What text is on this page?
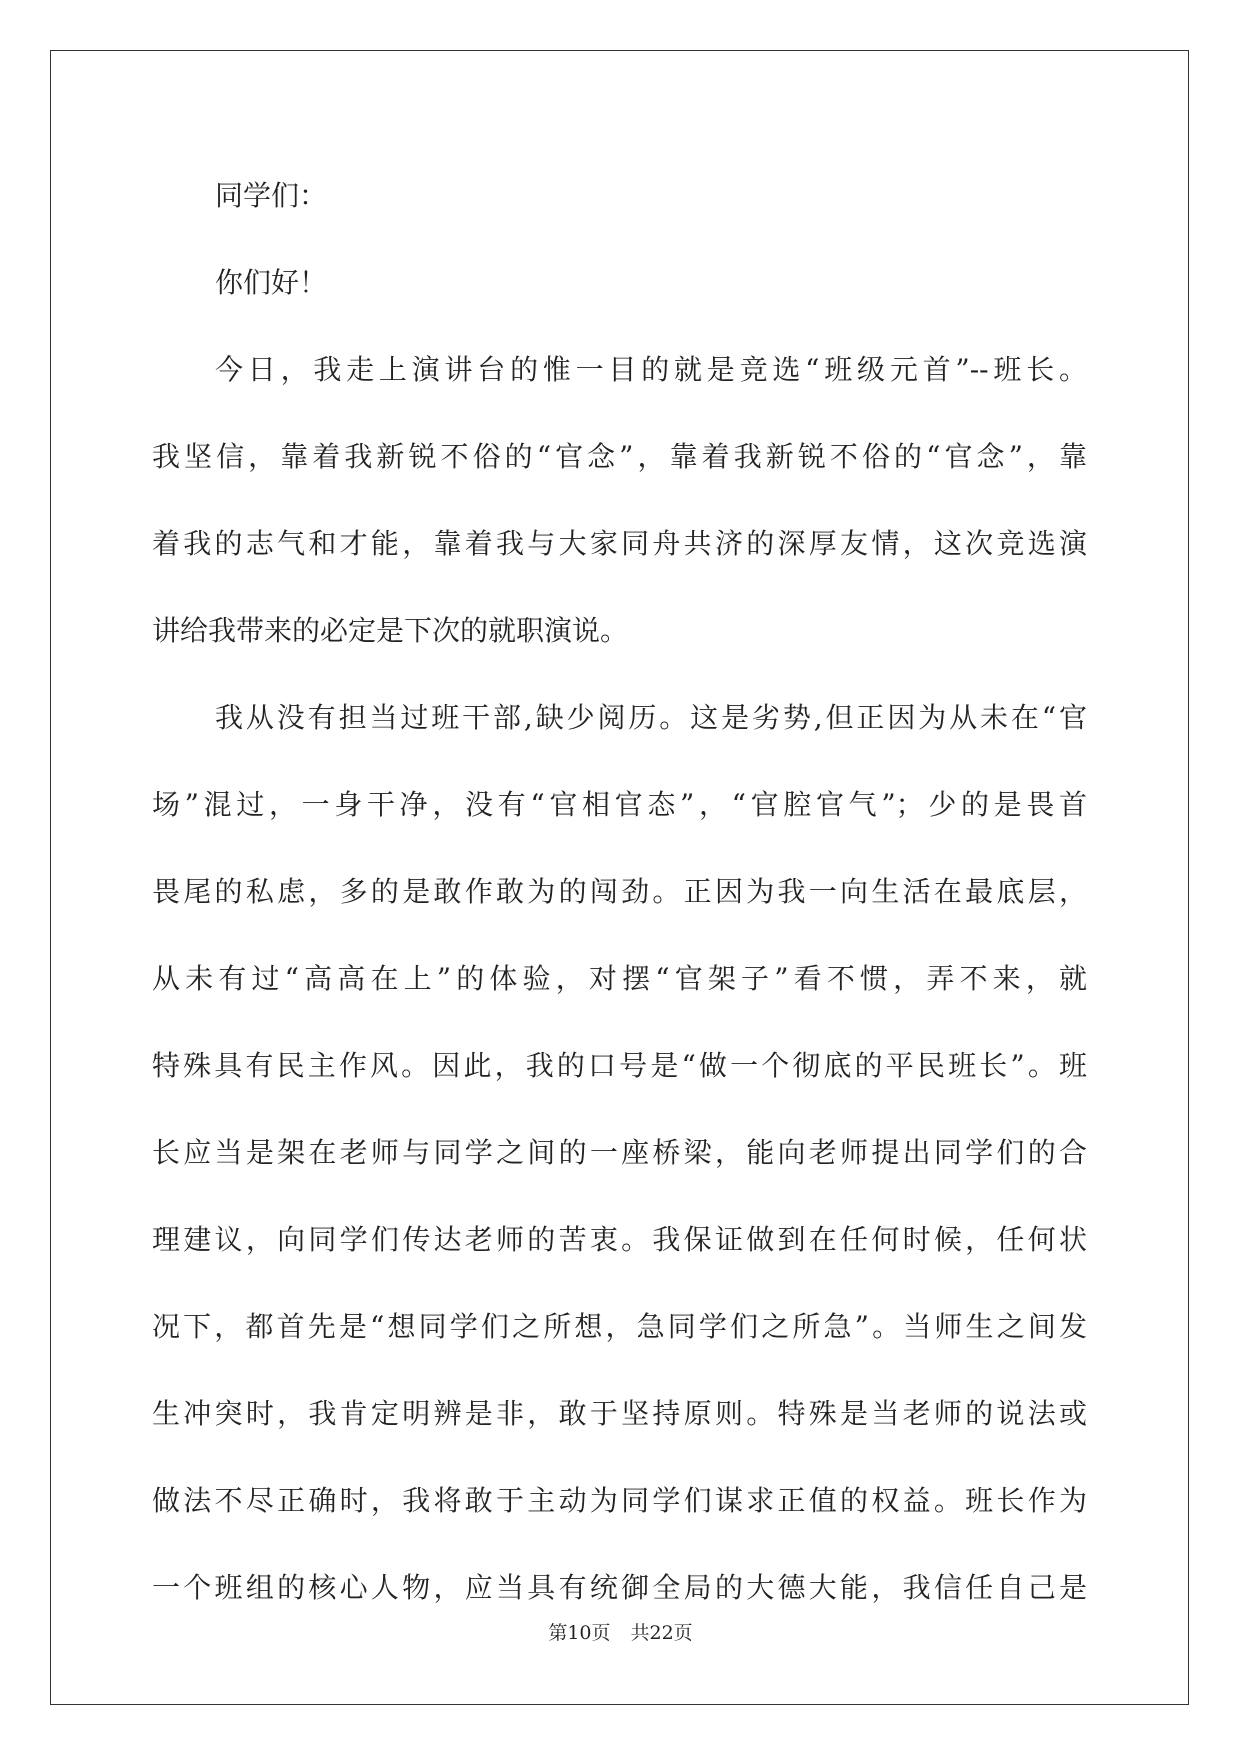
同学们：
你们好！
今日，我走上演讲台的惟一目的就是竞选“班级元首”--班长。
我坚信，靠着我新锐不俗的“官念”，靠着我新锐不俗的“官念”，靠
着我的志气和才能，靠着我与大家同舟共济的深厚友情，这次竞选演
讲给我带来的必定是下次的就职演说。
我从没有担当过班干部,缺少阅历。这是劣势,但正因为从未在“官
场”混过，一身干净，没有“官相官态”，“官腔官气”；少的是畏首
畏尾的私虑，多的是敢作敢为的闯劲。正因为我一向生活在最底层，
从未有过“高高在上”的体验，对摆“官架子”看不惯，弄不来，就
特殊具有民主作风。因此，我的口号是“做一个彻底的平民班长”。班
长应当是架在老师与同学之间的一座桥梁，能向老师提出同学们的合
理建议，向同学们传达老师的苦衷。我保证做到在任何时候，任何状
况下，都首先是“想同学们之所想，急同学们之所急”。当师生之间发
生冲突时，我肯定明辨是非，敢于坚持原则。特殊是当老师的说法或
做法不尽正确时，我将敢于主动为同学们谋求正值的权益。班长作为
一个班组的核心人物，应当具有统御全局的大德大能，我信任自己是
第10页 共22页
